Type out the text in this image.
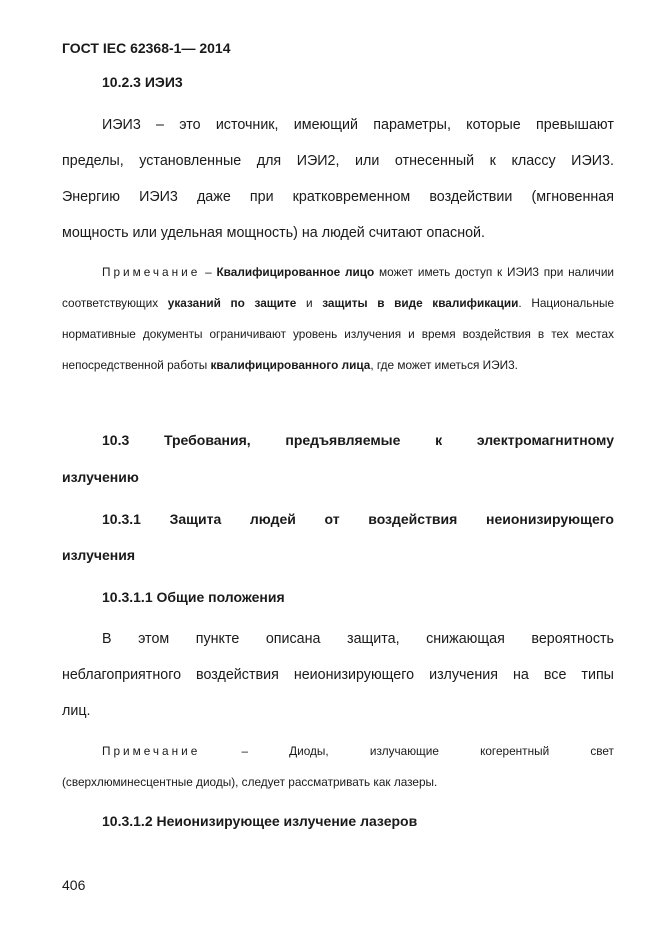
ГОСТ IEC 62368-1— 2014
10.2.3 ИЭИ3
ИЭИ3 – это источник, имеющий параметры, которые превышают
пределы, установленные для ИЭИ2, или отнесенный к классу ИЭИ3.
Энергию ИЭИ3 даже при кратковременном воздействии (мгновенная
мощность или удельная мощность) на людей считают опасной.

Примечание – Квалифицированное лицо может иметь доступ к ИЭИ3 при наличии соответствующих указаний по защите и защиты в виде квалификации. Национальные нормативные документы ограничивают уровень излучения и время воздействия в тех местах непосредственной работы квалифицированного лица, где может иметься ИЭИ3.

10.3 Требования, предъявляемые к электромагнитному
излучению
10.3.1 Защита людей от воздействия неионизирующего
излучения
10.3.1.1 Общие положения
В этом пункте описана защита, снижающая вероятность
неблагоприятного воздействия неионизирующего излучения на все типы
лиц.
Примечание	–	Диоды,	излучающие	когерентный	свет
(сверхлюминесцентные диоды), следует рассматривать как лазеры.
10.3.1.2 Неионизирующее излучение лазеров
406
